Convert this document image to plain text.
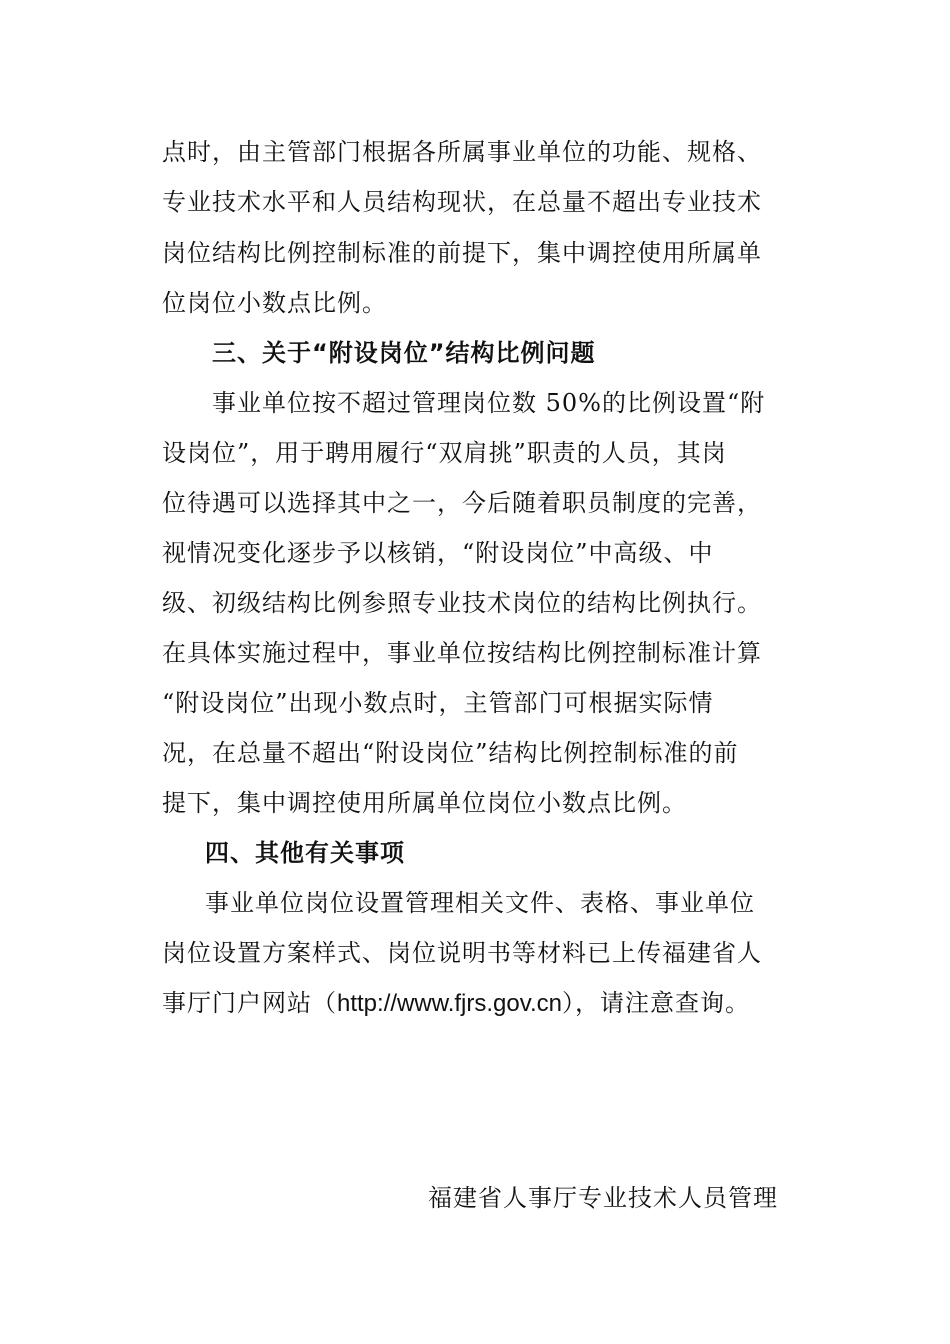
点时，由主管部门根据各所属事业单位的功能、规格、
专业技术水平和人员结构现状，在总量不超出专业技术
岗位结构比例控制标准的前提下，集中调控使用所属单
位岗位小数点比例。
三、关于“附设岗位”结构比例问题
事业单位按不超过管理岗位数 50%的比例设置“附
设岗位”，用于聘用履行“双肩挑”职责的人员，其岗
位待遇可以选择其中之一，今后随着职员制度的完善，
视情况变化逐步予以核销，“附设岗位”中高级、中
级、初级结构比例参照专业技术岗位的结构比例执行。
在具体实施过程中，事业单位按结构比例控制标准计算
“附设岗位”出现小数点时，主管部门可根据实际情
况，在总量不超出“附设岗位”结构比例控制标准的前
提下，集中调控使用所属单位岗位小数点比例。
四、其他有关事项
事业单位岗位设置管理相关文件、表格、事业单位
岗位设置方案样式、岗位说明书等材料已上传福建省人
事厅门户网站（http://www.fjrs.gov.cn），请注意查询。
福建省人事厅专业技术人员管理
